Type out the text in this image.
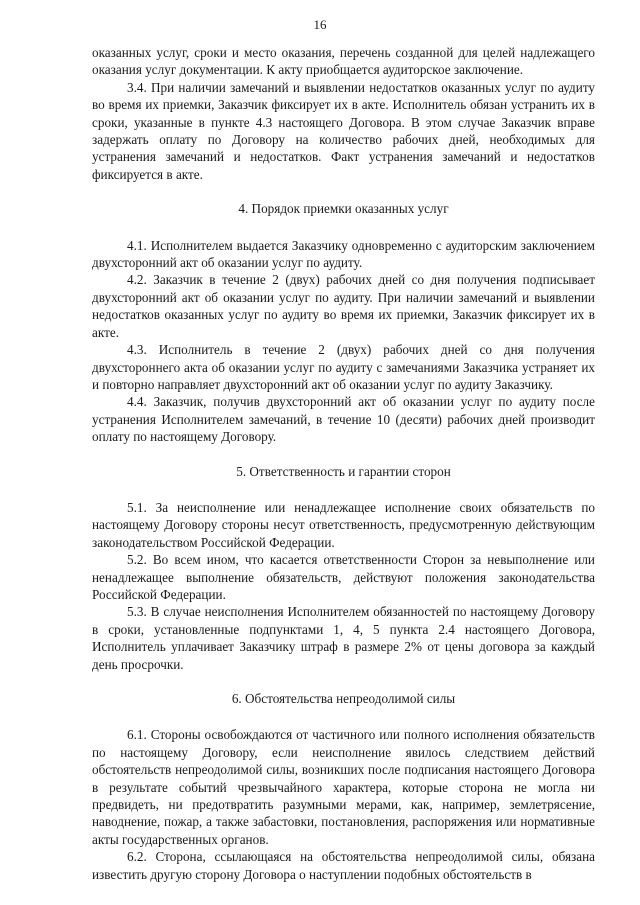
16

оказанных услуг, сроки и место оказания, перечень созданной для целей надлежащего оказания услуг документации. К акту приобщается аудиторское заключение.

3.4. При наличии замечаний и выявлении недостатков оказанных услуг по аудиту во время их приемки, Заказчик фиксирует их в акте. Исполнитель обязан устранить их в сроки, указанные в пункте 4.3 настоящего Договора. В этом случае Заказчик вправе задержать оплату по Договору на количество рабочих дней, необходимых для устранения замечаний и недостатков. Факт устранения замечаний и недостатков фиксируется в акте.

4. Порядок приемки оказанных услуг

4.1. Исполнителем выдается Заказчику одновременно с аудиторским заключением двухсторонний акт об оказании услуг по аудиту.

4.2. Заказчик в течение 2 (двух) рабочих дней со дня получения подписывает двухсторонний акт об оказании услуг по аудиту. При наличии замечаний и выявлении недостатков оказанных услуг по аудиту во время их приемки, Заказчик фиксирует их в акте.

4.3. Исполнитель в течение 2 (двух) рабочих дней со дня получения двухстороннего акта об оказании услуг по аудиту с замечаниями Заказчика устраняет их и повторно направляет двухсторонний акт об оказании услуг по аудиту Заказчику.

4.4. Заказчик, получив двухсторонний акт об оказании услуг по аудиту после устранения Исполнителем замечаний, в течение 10 (десяти) рабочих дней производит оплату по настоящему Договору.

5. Ответственность и гарантии сторон

5.1. За неисполнение или ненадлежащее исполнение своих обязательств по настоящему Договору стороны несут ответственность, предусмотренную действующим законодательством Российской Федерации.

5.2. Во всем ином, что касается ответственности Сторон за невыполнение или ненадлежащее выполнение обязательств, действуют положения законодательства Российской Федерации.

5.3. В случае неисполнения Исполнителем обязанностей по настоящему Договору в сроки, установленные подпунктами 1, 4, 5 пункта 2.4 настоящего Договора, Исполнитель уплачивает Заказчику штраф в размере 2% от цены договора за каждый день просрочки.

6. Обстоятельства непреодолимой силы

6.1. Стороны освобождаются от частичного или полного исполнения обязательств по настоящему Договору, если неисполнение явилось следствием действий обстоятельств непреодолимой силы, возникших после подписания настоящего Договора в результате событий чрезвычайного характера, которые сторона не могла ни предвидеть, ни предотвратить разумными мерами, как, например, землетрясение, наводнение, пожар, а также забастовки, постановления, распоряжения или нормативные акты государственных органов.

6.2. Сторона, ссылающаяся на обстоятельства непреодолимой силы, обязана известить другую сторону Договора о наступлении подобных обстоятельств в
